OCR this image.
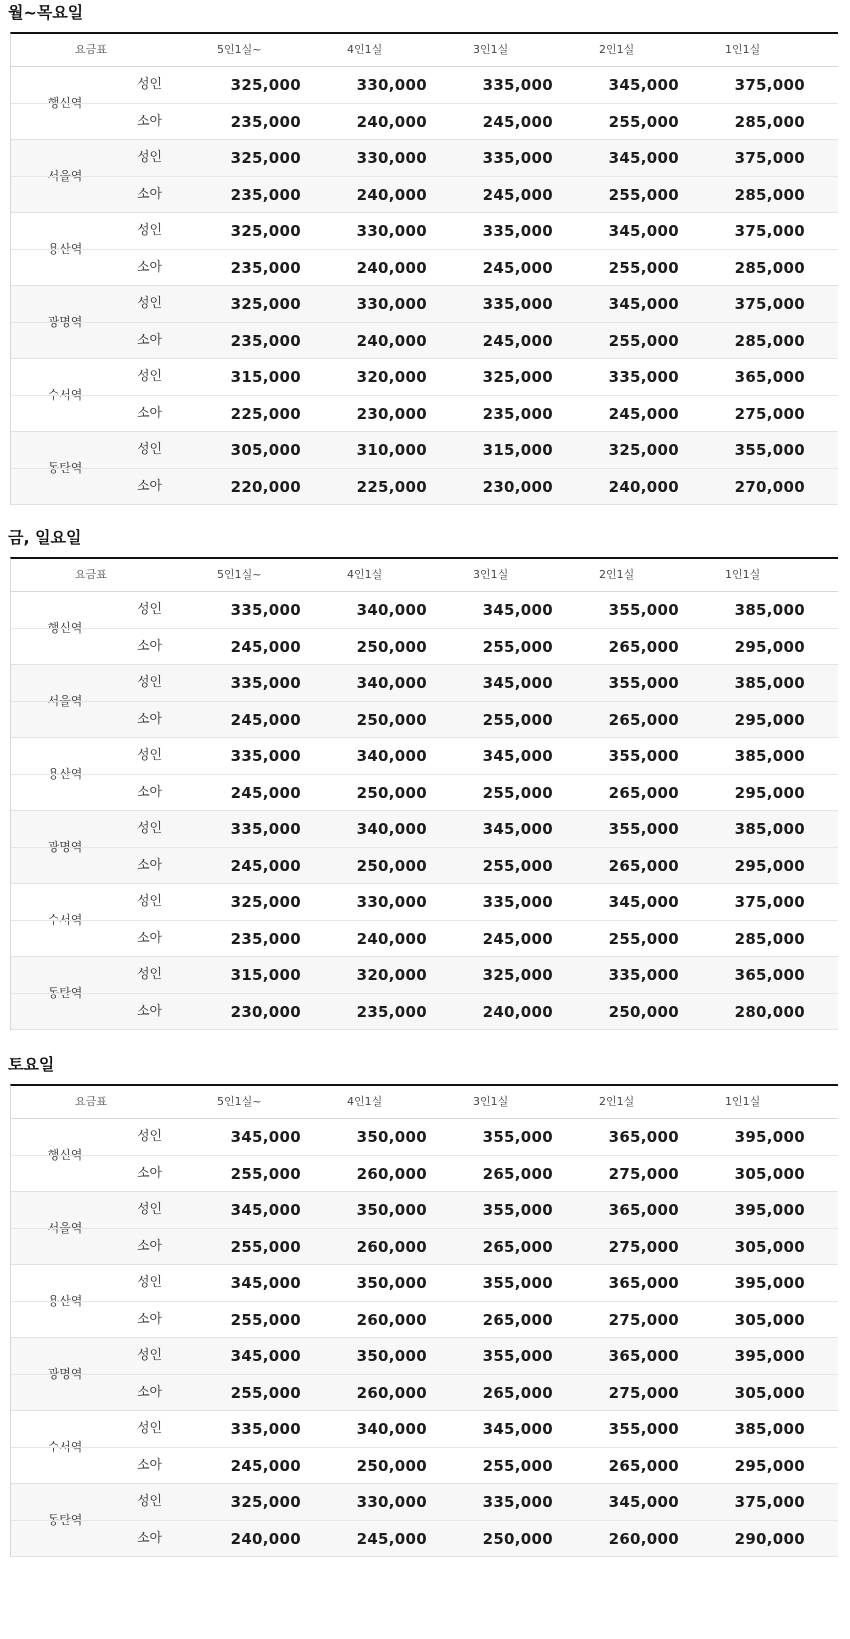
월~목요일
요금표	5인1실~	4인1실	3인1실	2인1실	1인1실
행신역
성인	325,000	330,000	335,000	345,000	375,000
소아	235,000	240,000	245,000	255,000	285,000
서울역
성인	325,000	330,000	335,000	345,000	375,000
소아	235,000	240,000	245,000	255,000	285,000
용산역
성인	325,000	330,000	335,000	345,000	375,000
소아	235,000	240,000	245,000	255,000	285,000
광명역
성인	325,000	330,000	335,000	345,000	375,000
소아	235,000	240,000	245,000	255,000	285,000
수서역
성인	315,000	320,000	325,000	335,000	365,000
소아	225,000	230,000	235,000	245,000	275,000
동탄역
성인	305,000	310,000	315,000	325,000	355,000
소아	220,000	225,000	230,000	240,000	270,000
금, 일요일
요금표	5인1실~	4인1실	3인1실	2인1실	1인1실
행신역
성인	335,000	340,000	345,000	355,000	385,000
소아	245,000	250,000	255,000	265,000	295,000
서울역
성인	335,000	340,000	345,000	355,000	385,000
소아	245,000	250,000	255,000	265,000	295,000
용산역
성인	335,000	340,000	345,000	355,000	385,000
소아	245,000	250,000	255,000	265,000	295,000
광명역
성인	335,000	340,000	345,000	355,000	385,000
소아	245,000	250,000	255,000	265,000	295,000
수서역
성인	325,000	330,000	335,000	345,000	375,000
소아	235,000	240,000	245,000	255,000	285,000
동탄역
성인	315,000	320,000	325,000	335,000	365,000
소아	230,000	235,000	240,000	250,000	280,000
토요일
요금표	5인1실~	4인1실	3인1실	2인1실	1인1실
행신역
성인	345,000	350,000	355,000	365,000	395,000
소아	255,000	260,000	265,000	275,000	305,000
서울역
성인	345,000	350,000	355,000	365,000	395,000
소아	255,000	260,000	265,000	275,000	305,000
용산역
성인	345,000	350,000	355,000	365,000	395,000
소아	255,000	260,000	265,000	275,000	305,000
광명역
성인	345,000	350,000	355,000	365,000	395,000
소아	255,000	260,000	265,000	275,000	305,000
수서역
성인	335,000	340,000	345,000	355,000	385,000
소아	245,000	250,000	255,000	265,000	295,000
동탄역
성인	325,000	330,000	335,000	345,000	375,000
소아	240,000	245,000	250,000	260,000	290,000
